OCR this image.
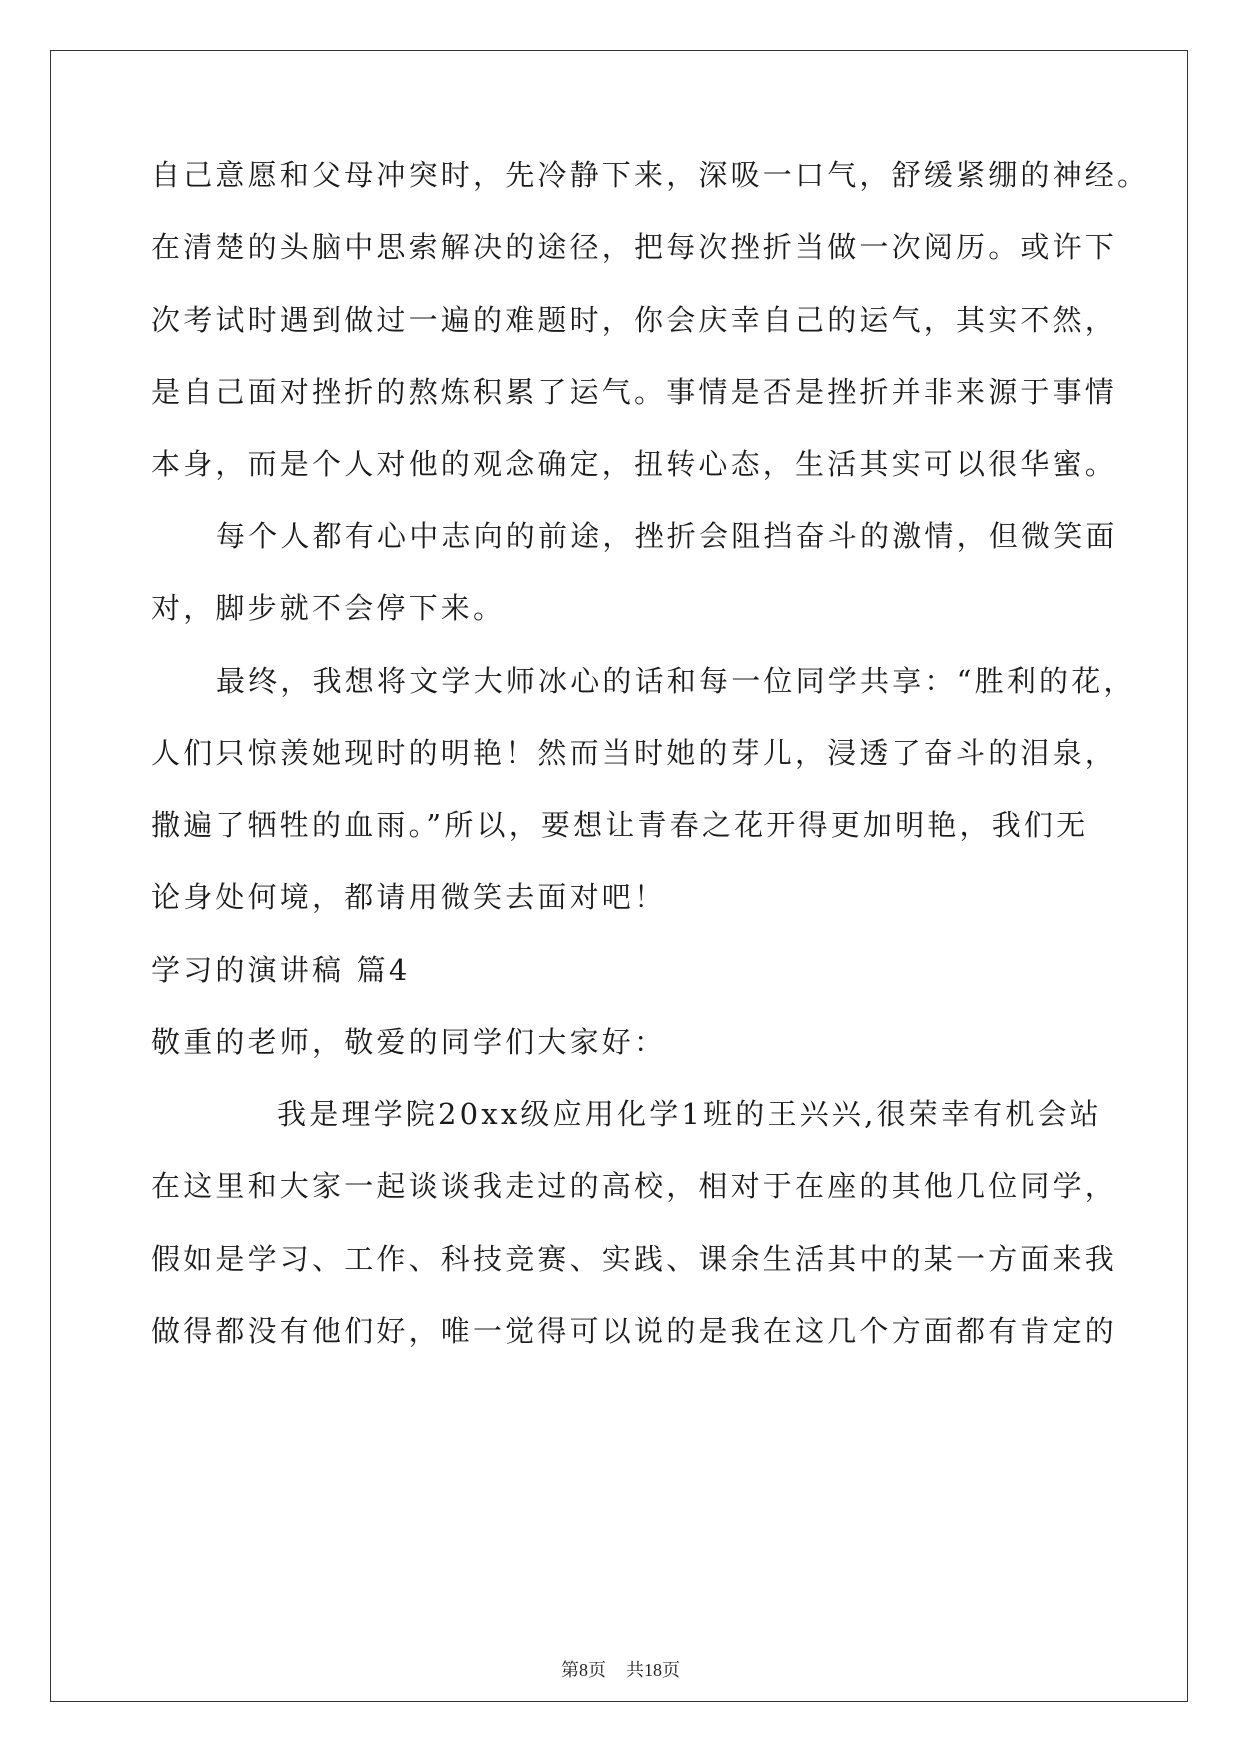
自己意愿和父母冲突时，先冷静下来，深吸一口气，舒缓紧绷的神经。
在清楚的头脑中思索解决的途径，把每次挫折当做一次阅历。或许下
次考试时遇到做过一遍的难题时，你会庆幸自己的运气，其实不然，
是自己面对挫折的熬炼积累了运气。事情是否是挫折并非来源于事情
本身，而是个人对他的观念确定，扭转心态，生活其实可以很华蜜。
每个人都有心中志向的前途，挫折会阻挡奋斗的激情，但微笑面
对，脚步就不会停下来。
最终，我想将文学大师冰心的话和每一位同学共享：“胜利的花，
人们只惊羡她现时的明艳！然而当时她的芽儿，浸透了奋斗的泪泉，
撒遍了牺牲的血雨。”所以，要想让青春之花开得更加明艳，我们无
论身处何境，都请用微笑去面对吧！
学习的演讲稿 篇4
敬重的老师，敬爱的同学们大家好：
我是理学院20xx级应用化学1班的王兴兴,很荣幸有机会站
在这里和大家一起谈谈我走过的高校，相对于在座的其他几位同学，
假如是学习、工作、科技竞赛、实践、课余生活其中的某一方面来我
做得都没有他们好，唯一觉得可以说的是我在这几个方面都有肯定的
第8页 共18页
